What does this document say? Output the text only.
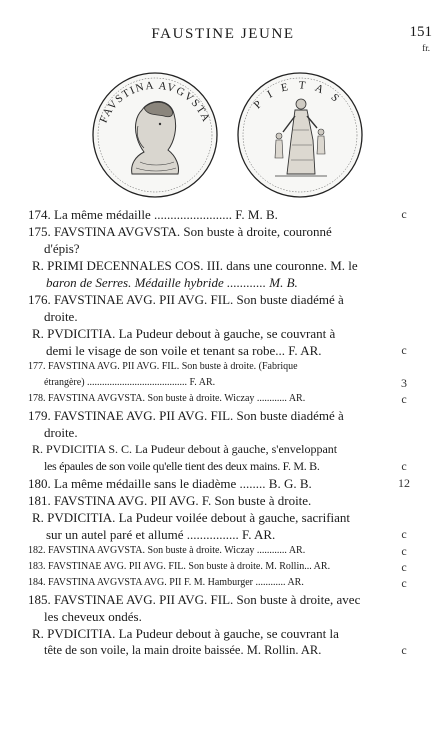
FAUSTINE JEUNE	151
fr.
FAVSTINA AVGVSTA
PIETAS
174. La même médaille ........................ F. M. B.	c
175. FAVSTINA AVGVSTA. Son buste à droite, couronné
d'épis?
R. PRIMI DECENNALES COS. III. dans une couronne. M. le
baron de Serres. Médaille hybride ............ M. B.
176. FAVSTINAE AVG. PII AVG. FIL. Son buste diadémé à
droite.
R. PVDICITIA. La Pudeur debout à gauche, se couvrant à
demi le visage de son voile et tenant sa robe... F. AR.	c
177. FAVSTINA AVG. PII AVG. FIL. Son buste à droite. (Fabrique
étrangère) ........................................ F. AR.	3
178. FAVSTINA AVGVSTA. Son buste à droite. Wiczay ............ AR.	c
179. FAVSTINAE AVG. PII AVG. FIL. Son buste diadémé à
droite.
R. PVDICITIA S. C. La Pudeur debout à gauche, s'enveloppant
les épaules de son voile qu'elle tient des deux mains. F. M. B.	c
180. La même médaille sans le diadème ........ B. G. B.	12
181. FAVSTINA AVG. PII AVG. F. Son buste à droite.
R. PVDICITIA. La Pudeur voilée debout à gauche, sacrifiant
sur un autel paré et allumé ................ F. AR.	c
182. FAVSTINA AVGVSTA. Son buste à droite. Wiczay ............ AR.	c
183. FAVSTINAE AVG. PII AVG. FIL. Son buste à droite. M. Rollin... AR.	c
184. FAVSTINA AVGVSTA AVG. PII F. M. Hamburger ............ AR.	c
185. FAVSTINAE AVG. PII AVG. FIL. Son buste à droite, avec
les cheveux ondés.
R. PVDICITIA. La Pudeur debout à gauche, se couvrant la
tête de son voile, la main droite baissée. M. Rollin. AR.	c
